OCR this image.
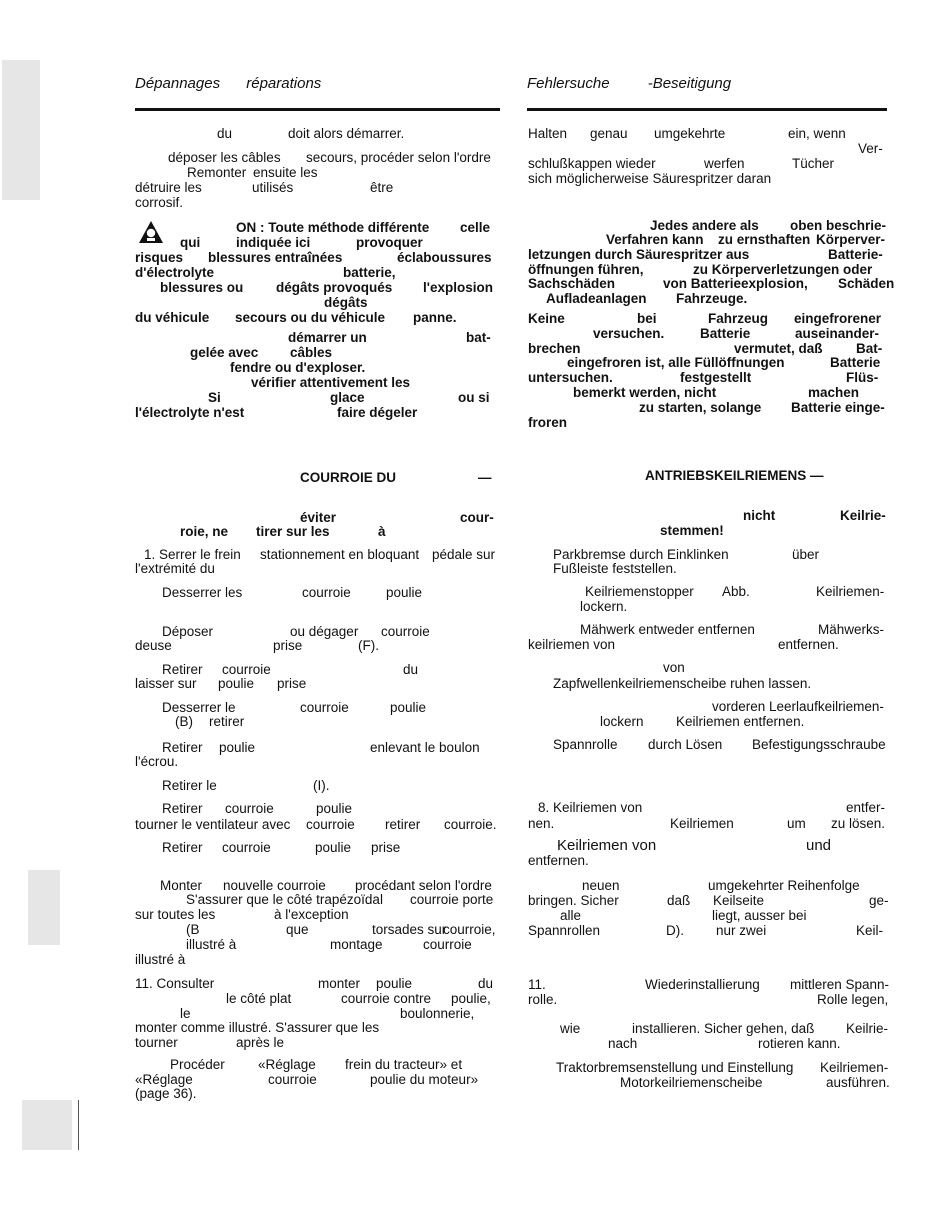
Dépannages réparations	Fehlersuche	-Beseitigung
du	doit alors démarrer.
déposer les câbles secours, procéder selon l'ordre
Remonter ensuite les
détruire les	utilisés	être
corrosif.
ON : Toute méthode différente celle
qui	indiquée ici	provoquer
risques blessures entraînées	éclaboussures
d'électrolyte	batterie,
blessures ou dégâts provoqués l'explosion
dégâts
du véhicule secours ou du véhicule panne.
démarrer un	bat-
gelée avec câbles
fendre ou d'exploser.
vérifier attentivement les
Si	glace	ou si
l'électrolyte n'est	faire dégeler
COURROIE DU	—
éviter	cour-
roie, ne tirer sur les	à
1. Serrer le frein stationnement en bloquant pédale sur
l'extrémité du
Desserrer les	courroie	poulie
Déposer	ou dégager courroie
deuse	prise	(F).
Retirer courroie	du
laisser sur poulie prise
Desserrer le	courroie	poulie
(B) retirer
Retirer poulie	enlevant le boulon
l'écrou.
Retirer le	(I).
Retirer courroie	poulie
tourner le ventilateur avec courroie retirer courroie.
Retirer courroie	poulie prise
Monter nouvelle courroie procédant selon l'ordre
S'assurer que le côté trapézoïdal courroie porte
sur toutes les	à l'exception
(B	que	torsades sur
courroie,
illustré à	montage	courroie
illustré à
11. Consulter	monter poulie	du
le côté plat	courroie contre poulie,
le	boulonnerie,
monter comme illustré. S'assurer que les
tourner	après le
Procéder «Réglage frein du tracteur» et
«Réglage	courroie	poulie du moteur»
(page 36).
Halten genau umgekehrte	ein, wenn
Ver-
schlußkappen wieder	werfen	Tücher
sich möglicherweise Säurespritzer daran
Jedes andere als oben beschrie-
Verfahren kann zu ernsthaften Körperver-
letzungen durch Säurespritzer aus	Batterie-
öffnungen führen,	zu Körperverletzungen oder
Sachschäden	von Batterieexplosion, Schäden
Aufladeanlagen Fahrzeuge.
Keine	bei	Fahrzeug eingefrorener
versuchen.	Batterie	auseinander-
brechen	vermutet, daß Bat-
eingefroren ist, alle Füllöffnungen	Batterie
untersuchen.	festgestellt	Flüs-
bemerkt werden, nicht	machen
zu starten, solange Batterie einge-
froren
ANTRIEBSKEILRIEMENS —
nicht	Keilrie-
stemmen!
Parkbremse durch Einklinken	über
Fußleiste feststellen.
Keilriemenstopper Abb.	Keilriemen-
lockern.
Mähwerk entweder entfernen	Mähwerks-
keilriemen von	entfernen.
von
Zapfwellenkeilriemenscheibe ruhen lassen.
vorderen Leerlaufkeilriemen-
lockern Keilriemen entfernen.
Spannrolle durch Lösen Befestigungsschraube
8. Keilriemen von	entfer-
nen.	Keilriemen	um zu lösen.
Keilriemen von	und
entfernen.
neuen	umgekehrter Reihenfolge
bringen. Sicher	daß Keilseite	ge-
alle	liegt, ausser bei
Spannrollen	D). nur zwei	Keil-
11.	Wiederinstallierung mittleren Spann-
rolle.	Rolle legen,
wie	installieren. Sicher gehen, daß Keilrie-
nach	rotieren kann.
Traktorbremsenstellung und Einstellung Keilriemen-
Motorkeilriemenscheibe	ausführen.
